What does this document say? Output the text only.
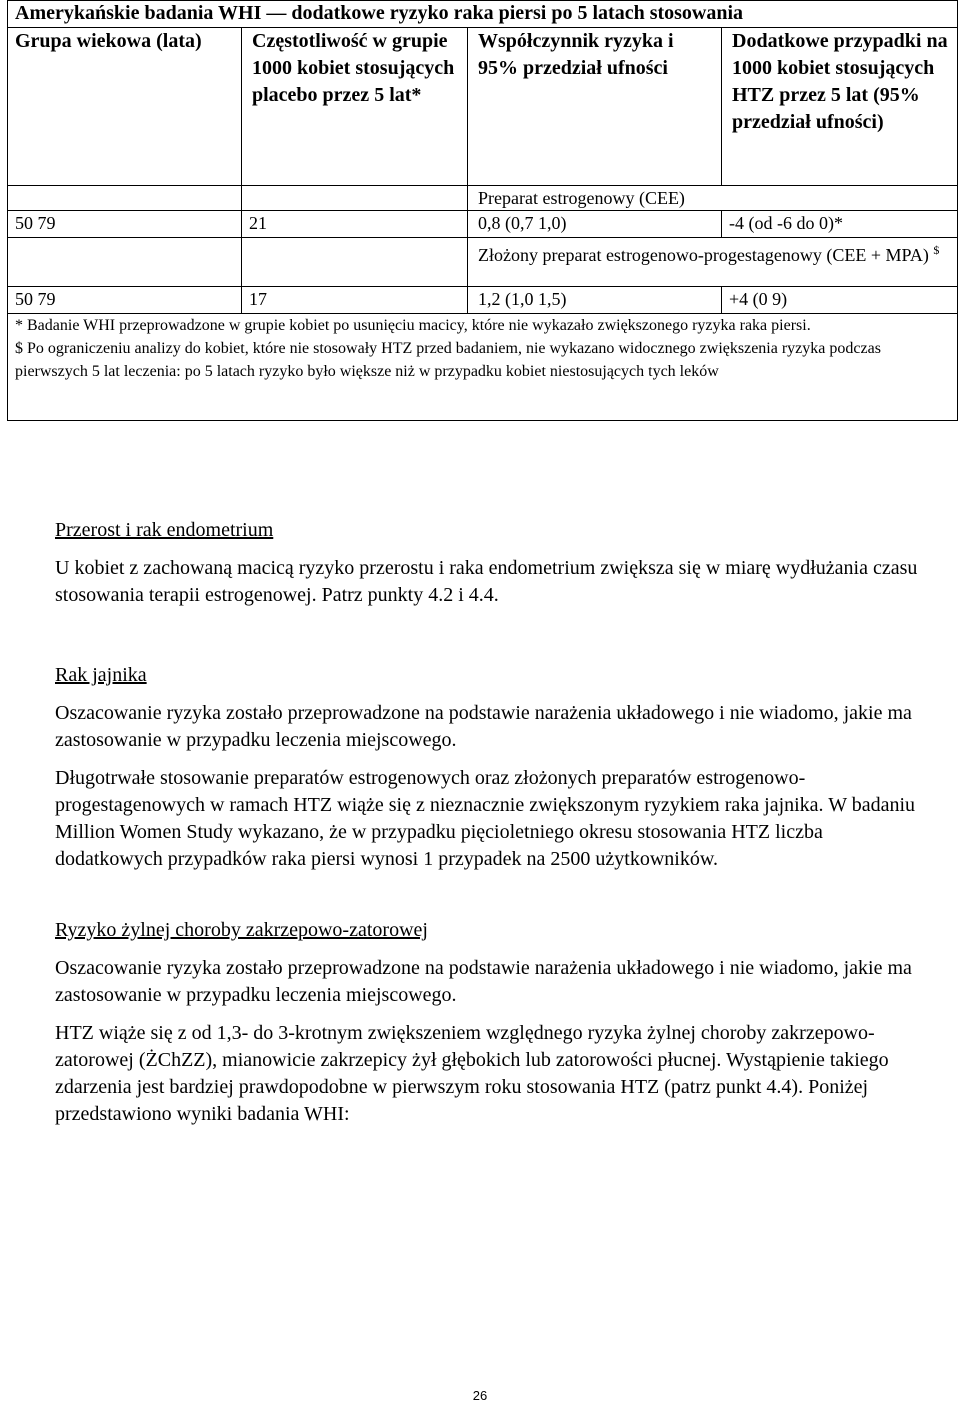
Amerykańskie badania WHI — dodatkowe ryzyko raka piersi po 5 latach stosowania			
Grupa wiekowa (lata)	Częstotliwość w grupie 1000 kobiet stosujących placebo przez 5 lat*	Współczynnik ryzyka i 95% przedział ufności	Dodatkowe przypadki na 1000 kobiet stosujących HTZ przez 5 lat (95% przedział ufności)
		Preparat estrogenowy (CEE)	
50 79	21	0,8 (0,7 1,0)	-4 (od -6 do 0)*
		Złożony preparat estrogenowo-progestagenowy (CEE + MPA) $
50 79	17	1,2 (1,0 1,5)	+4 (0 9)

* Badanie WHI przeprowadzone w grupie kobiet po usunięciu macicy, które nie wykazało zwiększonego ryzyka raka piersi.
$ Po ograniczeniu analizy do kobiet, które nie stosowały HTZ przed badaniem, nie wykazano widocznego zwiększenia ryzyka podczas pierwszych 5 lat leczenia: po 5 latach ryzyko było większe niż w przypadku kobiet niestosujących tych leków			

Przerost i rak endometrium

U kobiet z zachowaną macicą ryzyko przerostu i raka endometrium zwiększa się w miarę wydłużania czasu stosowania terapii estrogenowej. Patrz punkty 4.2 i 4.4.

Rak jajnika

Oszacowanie ryzyka zostało przeprowadzone na podstawie narażenia układowego i nie wiadomo, jakie ma zastosowanie w przypadku leczenia miejscowego.

Długotrwałe stosowanie preparatów estrogenowych oraz złożonych preparatów estrogenowo-progestagenowych w ramach HTZ wiąże się z nieznacznie zwiększonym ryzykiem raka jajnika. W badaniu Million Women Study wykazano, że w przypadku pięcioletniego okresu stosowania HTZ liczba dodatkowych przypadków raka piersi wynosi 1 przypadek na 2500 użytkowników.

Ryzyko żylnej choroby zakrzepowo-zatorowej

Oszacowanie ryzyka zostało przeprowadzone na podstawie narażenia układowego i nie wiadomo, jakie ma zastosowanie w przypadku leczenia miejscowego.

HTZ wiąże się z od 1,3- do 3-krotnym zwiększeniem względnego ryzyka żylnej choroby zakrzepowo-zatorowej (ŻChZZ), mianowicie zakrzepicy żył głębokich lub zatorowości płucnej. Wystąpienie takiego zdarzenia jest bardziej prawdopodobne w pierwszym roku stosowania HTZ (patrz punkt 4.4). Poniżej przedstawiono wyniki badania WHI:

26
